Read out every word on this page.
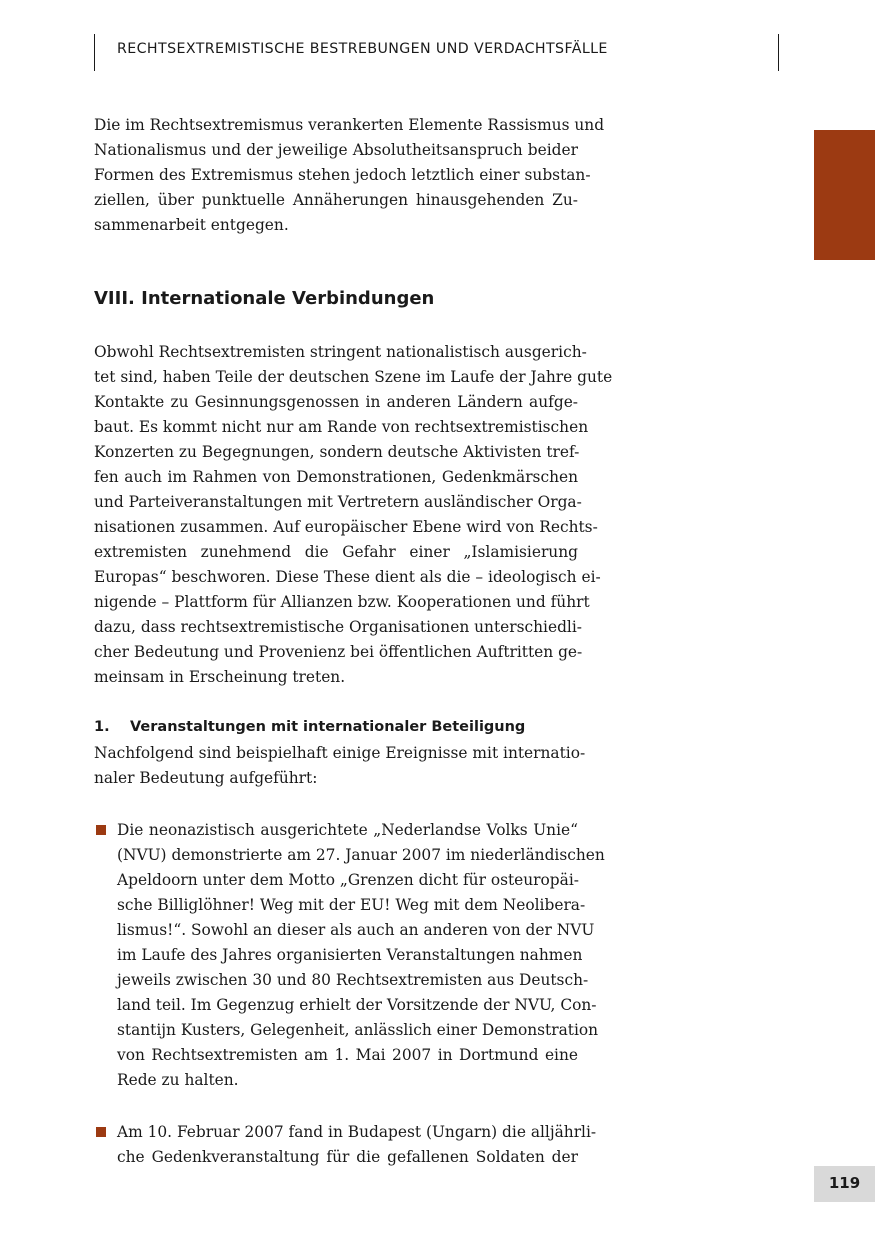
RECHTSEXTREMISTISCHE BESTREBUNGEN UND VERDACHTSFÄLLE
Die im Rechtsextremismus verankerten Elemente Rassismus und
Nationalismus und der jeweilige Absolutheitsanspruch beider
Formen des Extremismus stehen jedoch letztlich einer substan-
ziellen, über punktuelle Annäherungen hinausgehenden Zu-
sammenarbeit entgegen.
VIII. Internationale Verbindungen
Obwohl Rechtsextremisten stringent nationalistisch ausgerich-
tet sind, haben Teile der deutschen Szene im Laufe der Jahre gute
Kontakte zu Gesinnungsgenossen in anderen Ländern aufge-
baut. Es kommt nicht nur am Rande von rechtsextremistischen
Konzerten zu Begegnungen, sondern deutsche Aktivisten tref-
fen auch im Rahmen von Demonstrationen, Gedenkmärschen
und Parteiveranstaltungen mit Vertretern ausländischer Orga-
nisationen zusammen. Auf europäischer Ebene wird von Rechts-
extremisten zunehmend die Gefahr einer „Islamisierung
Europas“ beschworen. Diese These dient als die – ideologisch ei-
nigende – Plattform für Allianzen bzw. Kooperationen und führt
dazu, dass rechtsextremistische Organisationen unterschiedli-
cher Bedeutung und Provenienz bei öffentlichen Auftritten ge-
meinsam in Erscheinung treten.
1. Veranstaltungen mit internationaler Beteiligung
Nachfolgend sind beispielhaft einige Ereignisse mit internatio-
naler Bedeutung aufgeführt:
Die neonazistisch ausgerichtete „Nederlandse Volks Unie“
(NVU) demonstrierte am 27. Januar 2007 im niederländischen
Apeldoorn unter dem Motto „Grenzen dicht für osteuropäi-
sche Billiglöhner! Weg mit der EU! Weg mit dem Neolibera-
lismus!“. Sowohl an dieser als auch an anderen von der NVU
im Laufe des Jahres organisierten Veranstaltungen nahmen
jeweils zwischen 30 und 80 Rechtsextremisten aus Deutsch-
land teil. Im Gegenzug erhielt der Vorsitzende der NVU, Con-
stantijn Kusters, Gelegenheit, anlässlich einer Demonstration
von Rechtsextremisten am 1. Mai 2007 in Dortmund eine
Rede zu halten.
Am 10. Februar 2007 fand in Budapest (Ungarn) die alljährli-
che Gedenkveranstaltung für die gefallenen Soldaten der
119
